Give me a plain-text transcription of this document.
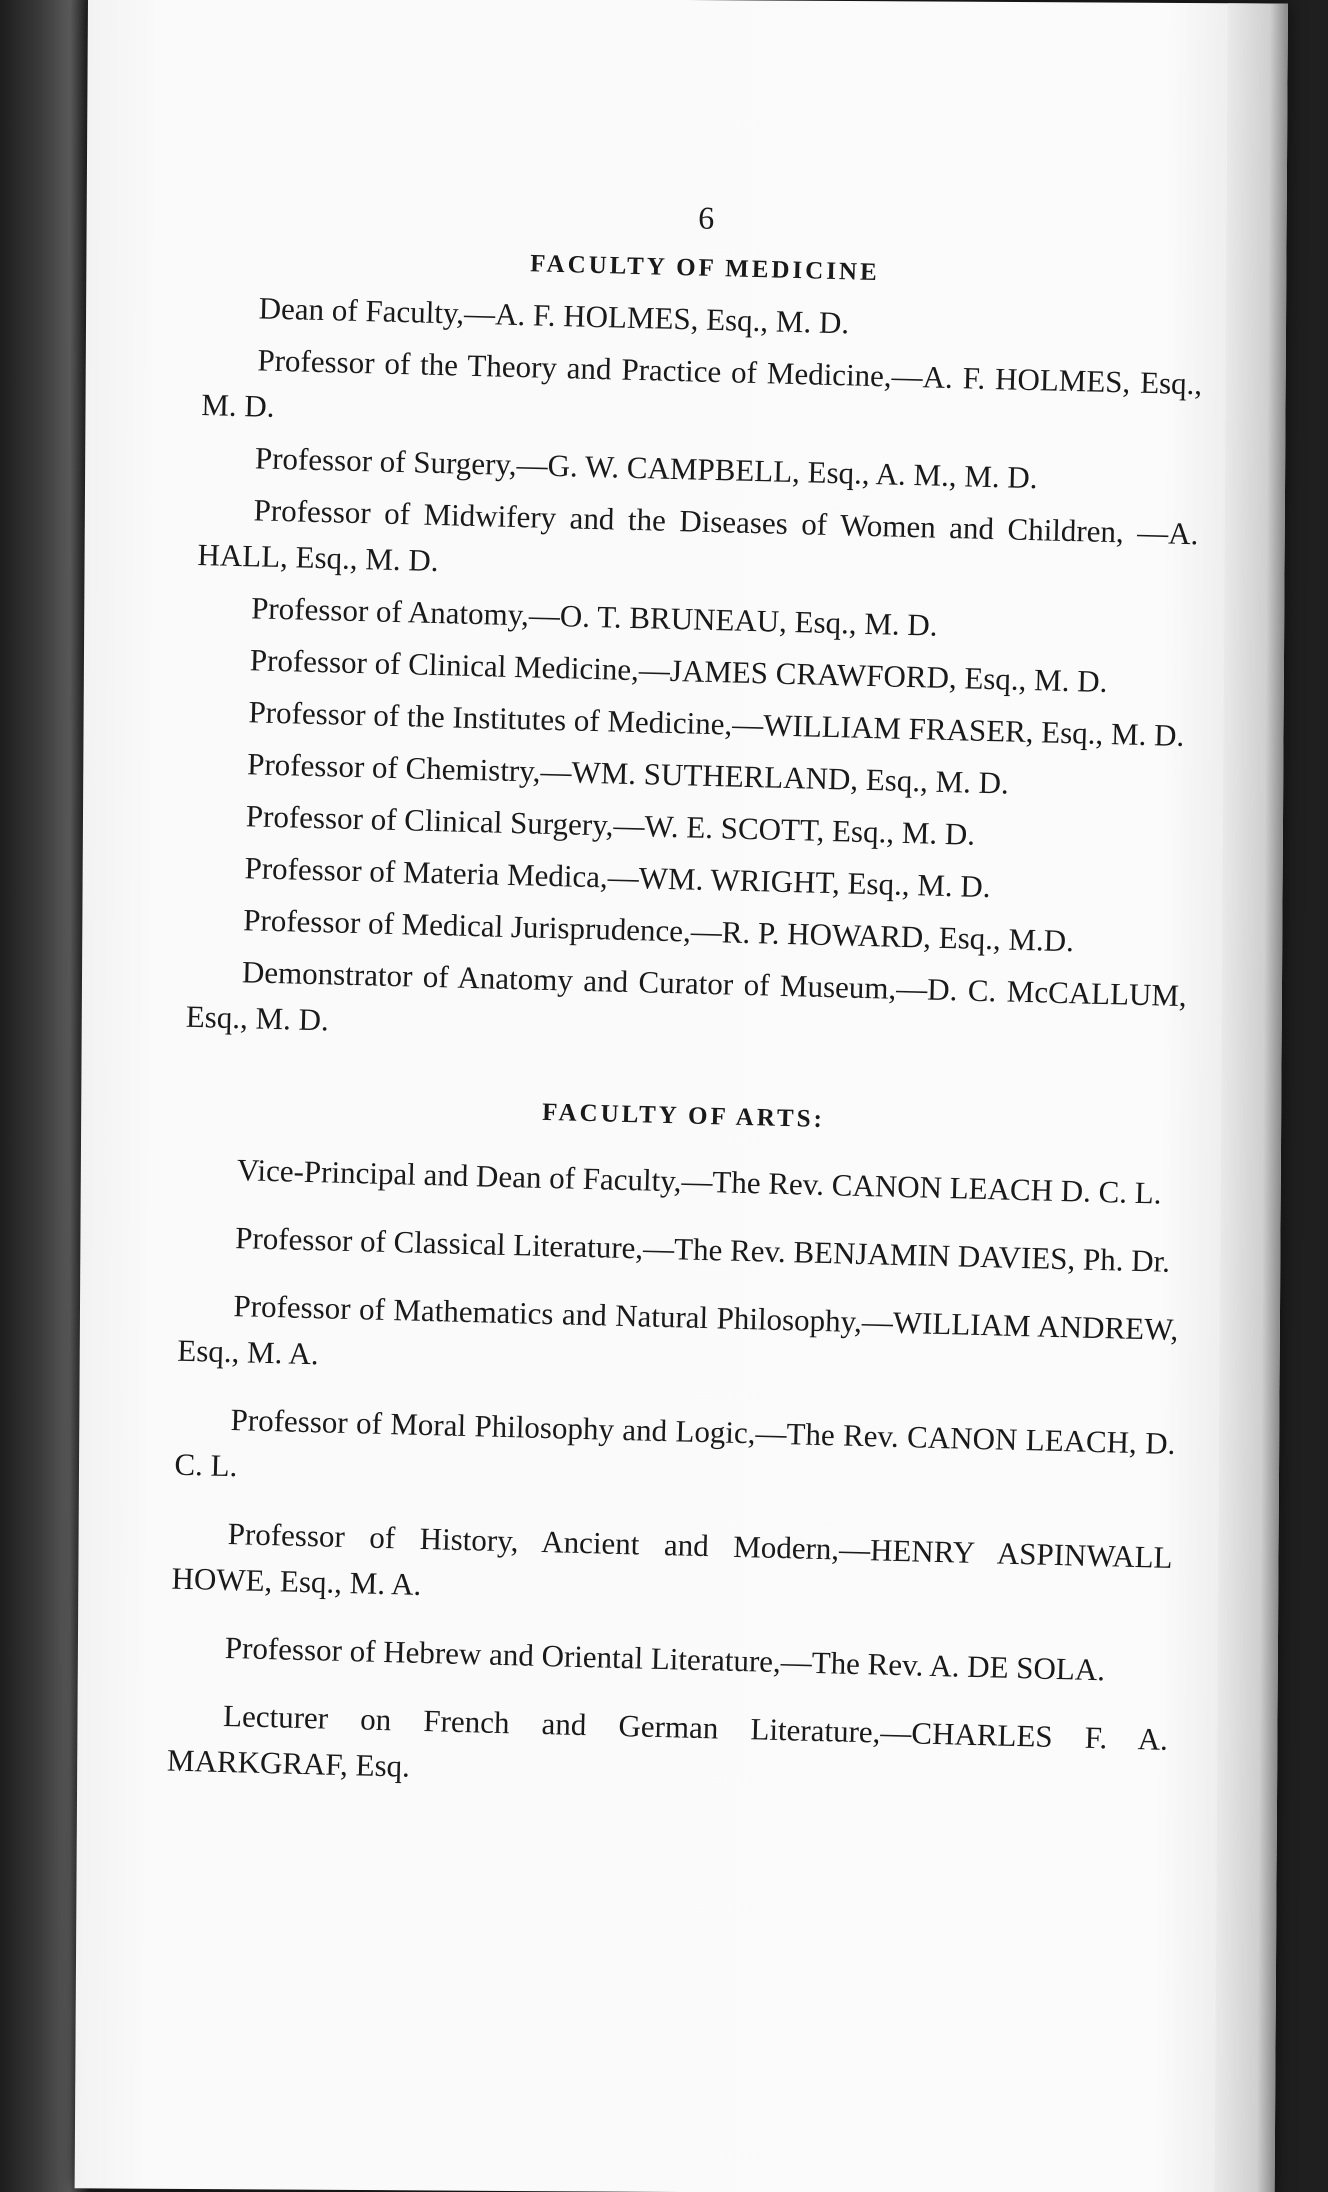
6
FACULTY OF MEDICINE

Dean of Faculty,—A. F. HOLMES, Esq., M. D.

Professor of the Theory and Practice of Medicine,—A. F. HOLMES, Esq., M. D.

Professor of Surgery,—G. W. CAMPBELL, Esq., A. M., M. D.

Professor of Midwifery and the Diseases of Women and Children, —A. HALL, Esq., M. D.

Professor of Anatomy,—O. T. BRUNEAU, Esq., M. D.

Professor of Clinical Medicine,—JAMES CRAWFORD, Esq., M. D.

Professor of the Institutes of Medicine,—WILLIAM FRASER, Esq., M. D.

Professor of Chemistry,—WM. SUTHERLAND, Esq., M. D.

Professor of Clinical Surgery,—W. E. SCOTT, Esq., M. D.

Professor of Materia Medica,—WM. WRIGHT, Esq., M. D.

Professor of Medical Jurisprudence,—R. P. HOWARD, Esq., M.D.

Demonstrator of Anatomy and Curator of Museum,—D. C. McCALLUM, Esq., M. D.

FACULTY OF ARTS:

Vice-Principal and Dean of Faculty,—The Rev. CANON LEACH D. C. L.

Professor of Classical Literature,—The Rev. BENJAMIN DAVIES, Ph. Dr.

Professor of Mathematics and Natural Philosophy,—WILLIAM ANDREW, Esq., M. A.

Professor of Moral Philosophy and Logic,—The Rev. CANON LEACH, D. C. L.

Professor of History, Ancient and Modern,—HENRY ASPINWALL HOWE, Esq., M. A.

Professor of Hebrew and Oriental Literature,—The Rev. A. DE SOLA.

Lecturer on French and German Literature,—CHARLES F. A. MARKGRAF, Esq.
